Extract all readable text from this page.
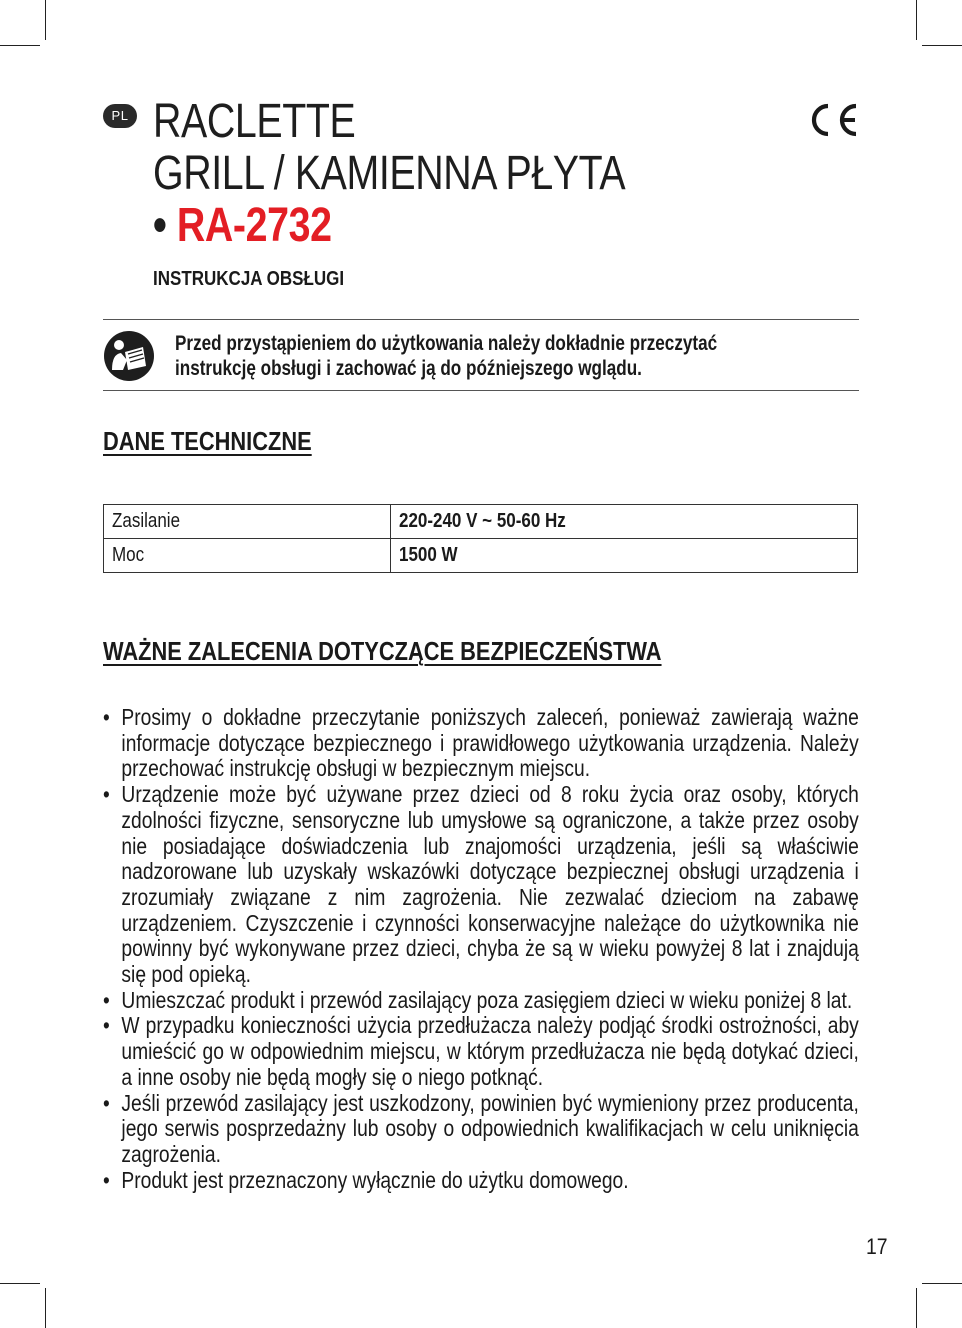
PL RACLETTE
GRILL / KAMIENNA PŁYTA
• RA-2732
INSTRUKCJA OBSŁUGI

Przed przystąpieniem do użytkowania należy dokładnie przeczytać
instrukcję obsługi i zachować ją do późniejszego wglądu.

DANE TECHNICZNE
Zasilanie	220-240 V ~ 50-60 Hz
Moc	1500 W
WAŻNE ZALECENIA DOTYCZĄCE BEZPIECZEŃSTWA
• Prosimy o dokładne przeczytanie poniższych zaleceń, ponieważ zawierają ważne informacje dotyczące bezpiecznego i prawidłowego użytkowania urządzenia. Należy przechować instrukcję obsługi w bezpiecznym miejscu.
• Urządzenie może być używane przez dzieci od 8 roku życia oraz osoby, których zdolności fizyczne, sensoryczne lub umysłowe są ograniczone, a także przez osoby nie posiadające doświadczenia lub znajomości urządzenia, jeśli są właściwie nadzorowane lub uzyskały wskazówki dotyczące bezpiecznej obsługi urządzenia i zrozumiały związane z nim zagrożenia. Nie zezwalać dzieciom na zabawę urządzeniem. Czyszczenie i czynności konserwacyjne należące do użytkownika nie powinny być wykonywane przez dzieci, chyba że są w wieku powyżej 8 lat i znajdują się pod opieką.
• Umieszczać produkt i przewód zasilający poza zasięgiem dzieci w wieku poniżej 8 lat.
• W przypadku konieczności użycia przedłużacza należy podjąć środki ostrożności, aby umieścić go w odpowiednim miejscu, w którym przedłużacza nie będą dotykać dzieci, a inne osoby nie będą mogły się o niego potknąć.
• Jeśli przewód zasilający jest uszkodzony, powinien być wymieniony przez producenta, jego serwis posprzedażny lub osoby o odpowiednich kwalifikacjach w celu uniknięcia zagrożenia.
• Produkt jest przeznaczony wyłącznie do użytku domowego.
17
